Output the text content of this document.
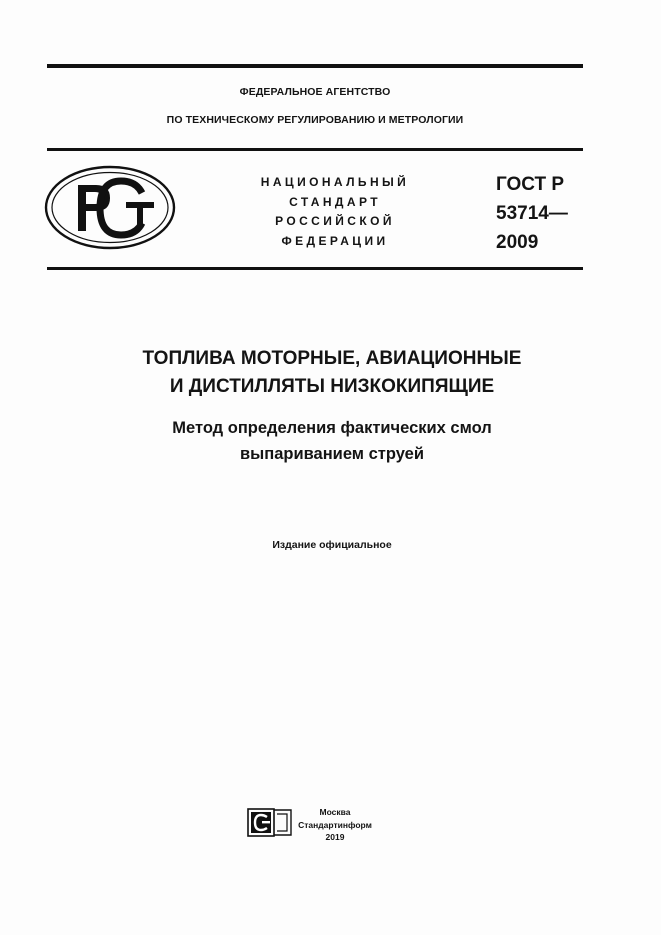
ФЕДЕРАЛЬНОЕ АГЕНТСТВО
ПО ТЕХНИЧЕСКОМУ РЕГУЛИРОВАНИЮ И МЕТРОЛОГИИ
НАЦИОНАЛЬНЫЙ
СТАНДАРТ
РОССИЙСКОЙ
ФЕДЕРАЦИИ
ГОСТ Р
53714—
2009
ТОПЛИВА МОТОРНЫЕ, АВИАЦИОННЫЕ
И ДИСТИЛЛЯТЫ НИЗКОКИПЯЩИЕ
Метод определения фактических смол
выпариванием струей
Издание официальное
Москва
Стандартинформ
2019
